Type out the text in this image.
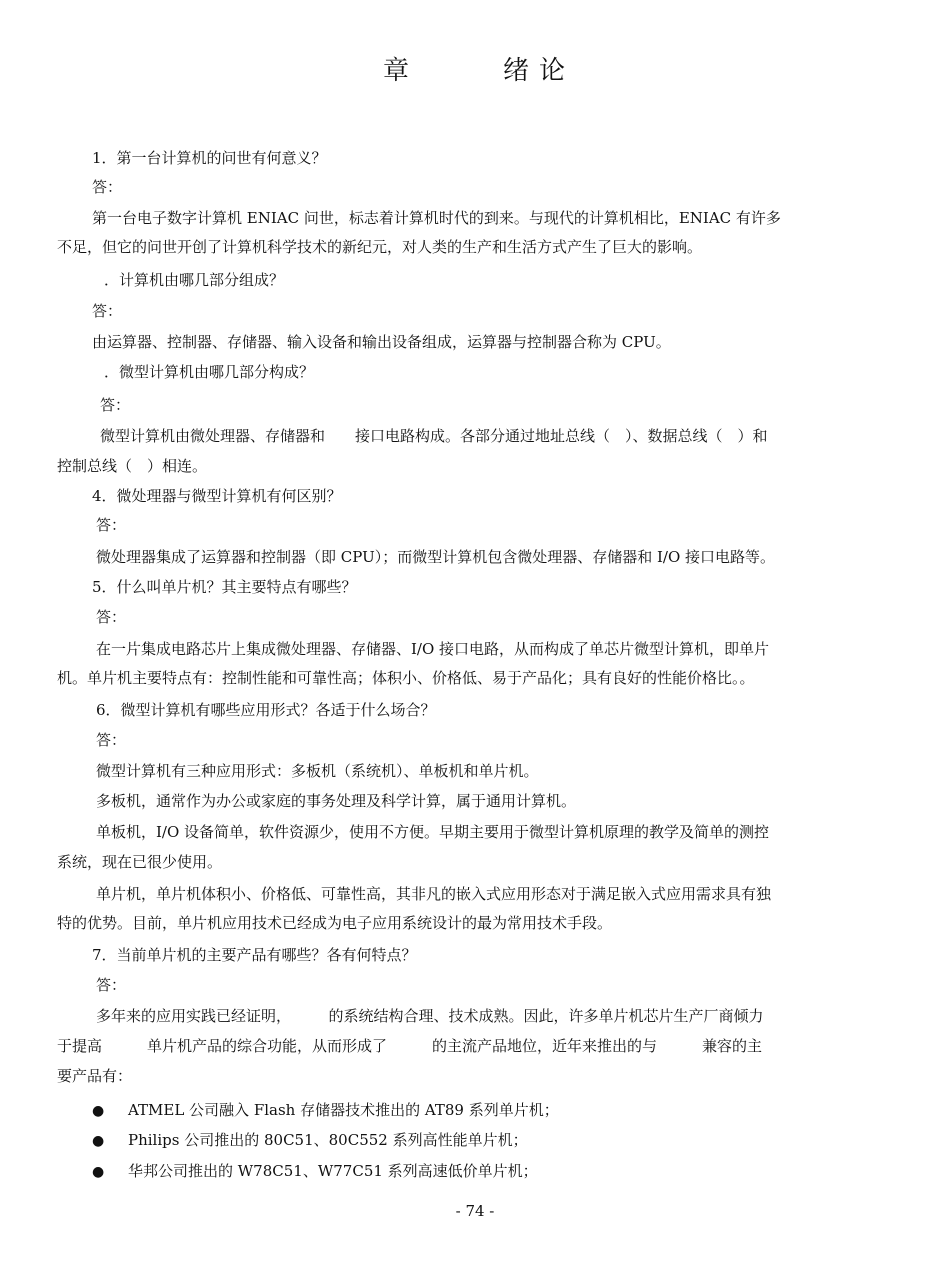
章	绪 论

1．第一台计算机的问世有何意义？

答：

第一台电子数字计算机 ENIAC 问世，标志着计算机时代的到来。与现代的计算机相比，ENIAC 有许多

不足，但它的问世开创了计算机科学技术的新纪元，对人类的生产和生活方式产生了巨大的影响。

．计算机由哪几部分组成？

答：

由运算器、控制器、存储器、输入设备和输出设备组成，运算器与控制器合称为 CPU。

．微型计算机由哪几部分构成？

答：

微型计算机由微处理器、存储器和　　接口电路构成。各部分通过地址总线（　）、数据总线（　）和

控制总线（　）相连。

4．微处理器与微型计算机有何区别？

答：

微处理器集成了运算器和控制器（即 CPU）；而微型计算机包含微处理器、存储器和 I/O 接口电路等。

5．什么叫单片机？其主要特点有哪些？

答：

在一片集成电路芯片上集成微处理器、存储器、I/O 接口电路，从而构成了单芯片微型计算机，即单片

机。单片机主要特点有：控制性能和可靠性高；体积小、价格低、易于产品化；具有良好的性能价格比。。

6．微型计算机有哪些应用形式？各适于什么场合？

答：

微型计算机有三种应用形式：多板机（系统机）、单板机和单片机。

多板机，通常作为办公或家庭的事务处理及科学计算，属于通用计算机。

单板机，I/O 设备简单，软件资源少，使用不方便。早期主要用于微型计算机原理的教学及简单的测控

系统，现在已很少使用。

单片机，单片机体积小、价格低、可靠性高，其非凡的嵌入式应用形态对于满足嵌入式应用需求具有独

特的优势。目前，单片机应用技术已经成为电子应用系统设计的最为常用技术手段。

7．当前单片机的主要产品有哪些？各有何特点？

答：

多年来的应用实践已经证明，　　　的系统结构合理、技术成熟。因此，许多单片机芯片生产厂商倾力

于提高　　　单片机产品的综合功能，从而形成了　　　的主流产品地位，近年来推出的与　　　兼容的主

要产品有：

● ATMEL 公司融入 Flash 存储器技术推出的 AT89 系列单片机；

● Philips 公司推出的 80C51、80C552 系列高性能单片机；

● 华邦公司推出的 W78C51、W77C51 系列高速低价单片机；

- 74 -
